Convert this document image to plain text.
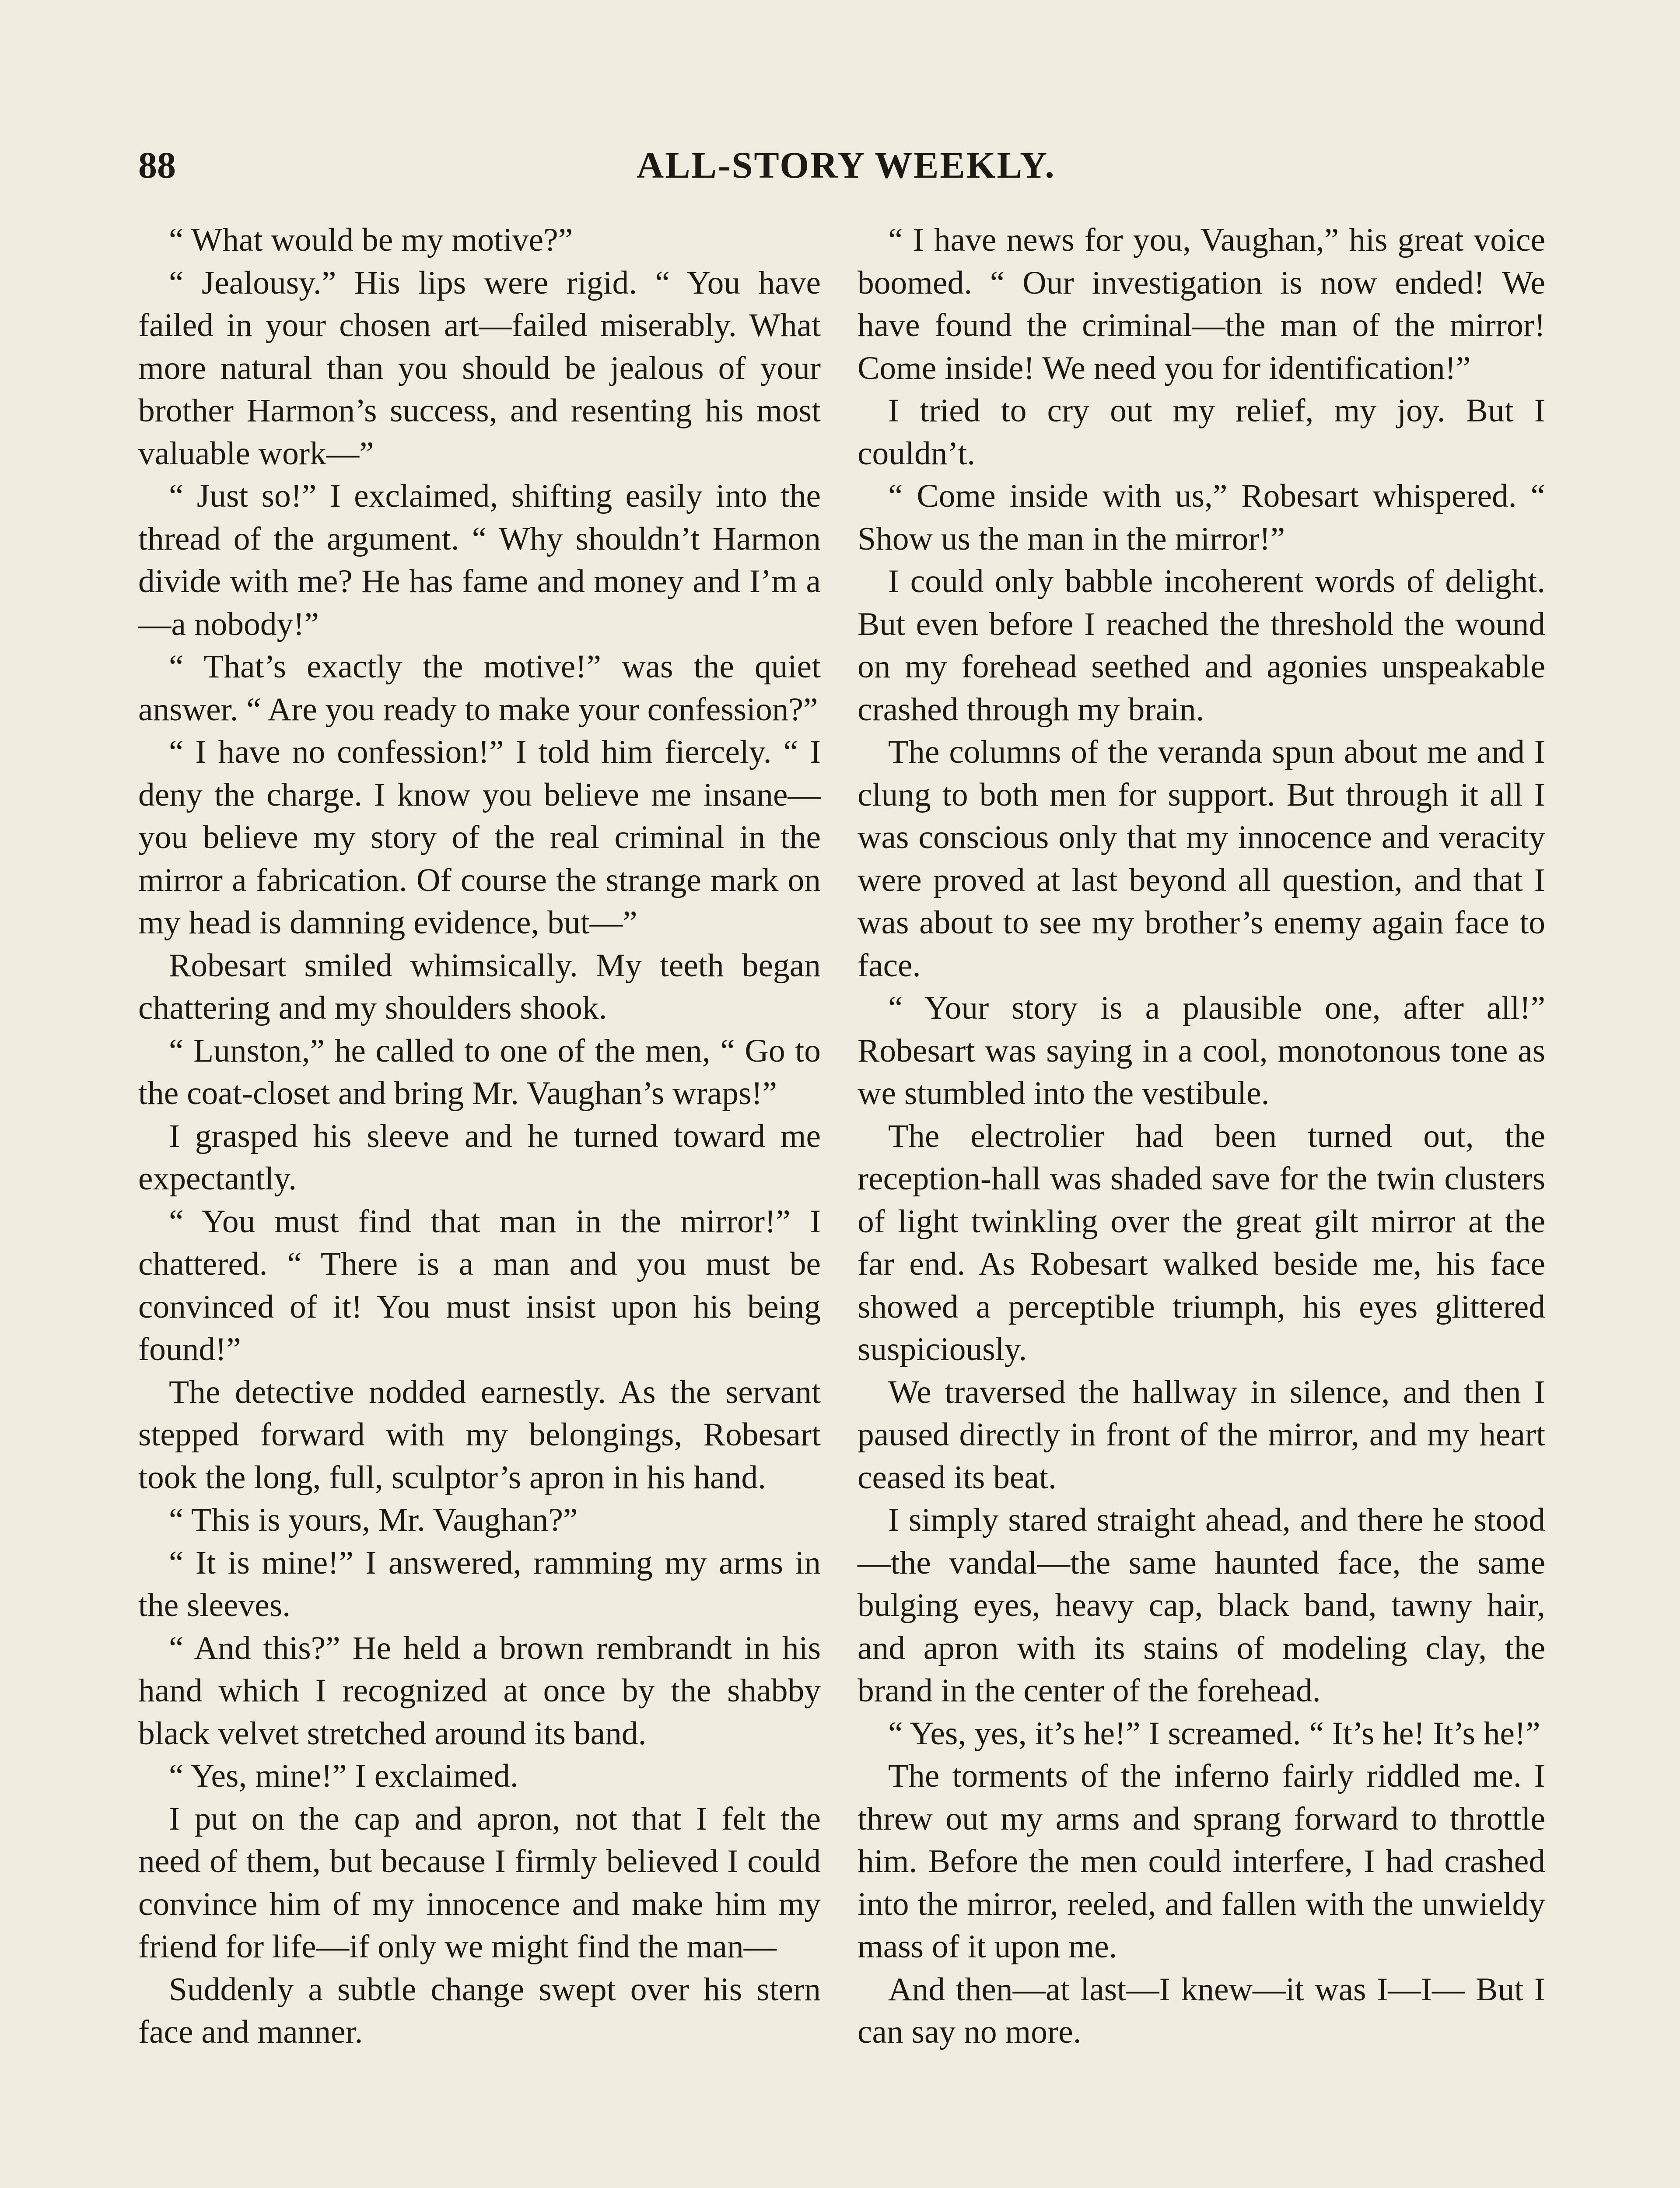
88	ALL-STORY WEEKLY.

“ What would be my motive?”

“ Jealousy.” His lips were rigid. “ You have failed in your chosen art—failed miserably. What more natural than you should be jealous of your brother Harmon’s success, and resenting his most valuable work—”

“ Just so!” I exclaimed, shifting easily into the thread of the argument. “ Why shouldn’t Harmon divide with me? He has fame and money and I’m a—a nobody!”

“ That’s exactly the motive!” was the quiet answer. “ Are you ready to make your confession?”

“ I have no confession!” I told him fiercely. “ I deny the charge. I know you believe me insane—you believe my story of the real criminal in the mirror a fabrication. Of course the strange mark on my head is damning evidence, but—”

Robesart smiled whimsically. My teeth began chattering and my shoulders shook.

“ Lunston,” he called to one of the men, “ Go to the coat-closet and bring Mr. Vaughan’s wraps!”

I grasped his sleeve and he turned toward me expectantly.

“ You must find that man in the mirror!” I chattered. “ There is a man and you must be convinced of it! You must insist upon his being found!”

The detective nodded earnestly. As the servant stepped forward with my belongings, Robesart took the long, full, sculptor’s apron in his hand.

“ This is yours, Mr. Vaughan?”

“ It is mine!” I answered, ramming my arms in the sleeves.

“ And this?” He held a brown rembrandt in his hand which I recognized at once by the shabby black velvet stretched around its band.

“ Yes, mine!” I exclaimed.

I put on the cap and apron, not that I felt the need of them, but because I firmly believed I could convince him of my innocence and make him my friend for life—if only we might find the man—

Suddenly a subtle change swept over his stern face and manner.

“ I have news for you, Vaughan,” his great voice boomed. “ Our investigation is now ended! We have found the criminal—the man of the mirror! Come inside! We need you for identification!”

I tried to cry out my relief, my joy. But I couldn’t.

“ Come inside with us,” Robesart whispered. “ Show us the man in the mirror!”

I could only babble incoherent words of delight. But even before I reached the threshold the wound on my forehead seethed and agonies unspeakable crashed through my brain.

The columns of the veranda spun about me and I clung to both men for support. But through it all I was conscious only that my innocence and veracity were proved at last beyond all question, and that I was about to see my brother’s enemy again face to face.

“ Your story is a plausible one, after all!” Robesart was saying in a cool, monotonous tone as we stumbled into the vestibule.

The electrolier had been turned out, the reception-hall was shaded save for the twin clusters of light twinkling over the great gilt mirror at the far end. As Robesart walked beside me, his face showed a perceptible triumph, his eyes glittered suspiciously.

We traversed the hallway in silence, and then I paused directly in front of the mirror, and my heart ceased its beat.

I simply stared straight ahead, and there he stood—the vandal—the same haunted face, the same bulging eyes, heavy cap, black band, tawny hair, and apron with its stains of modeling clay, the brand in the center of the forehead.

“ Yes, yes, it’s he!” I screamed. “ It’s he! It’s he!”

The torments of the inferno fairly riddled me. I threw out my arms and sprang forward to throttle him. Before the men could interfere, I had crashed into the mirror, reeled, and fallen with the unwieldy mass of it upon me.

And then—at last—I knew—it was I—I— But I can say no more.
